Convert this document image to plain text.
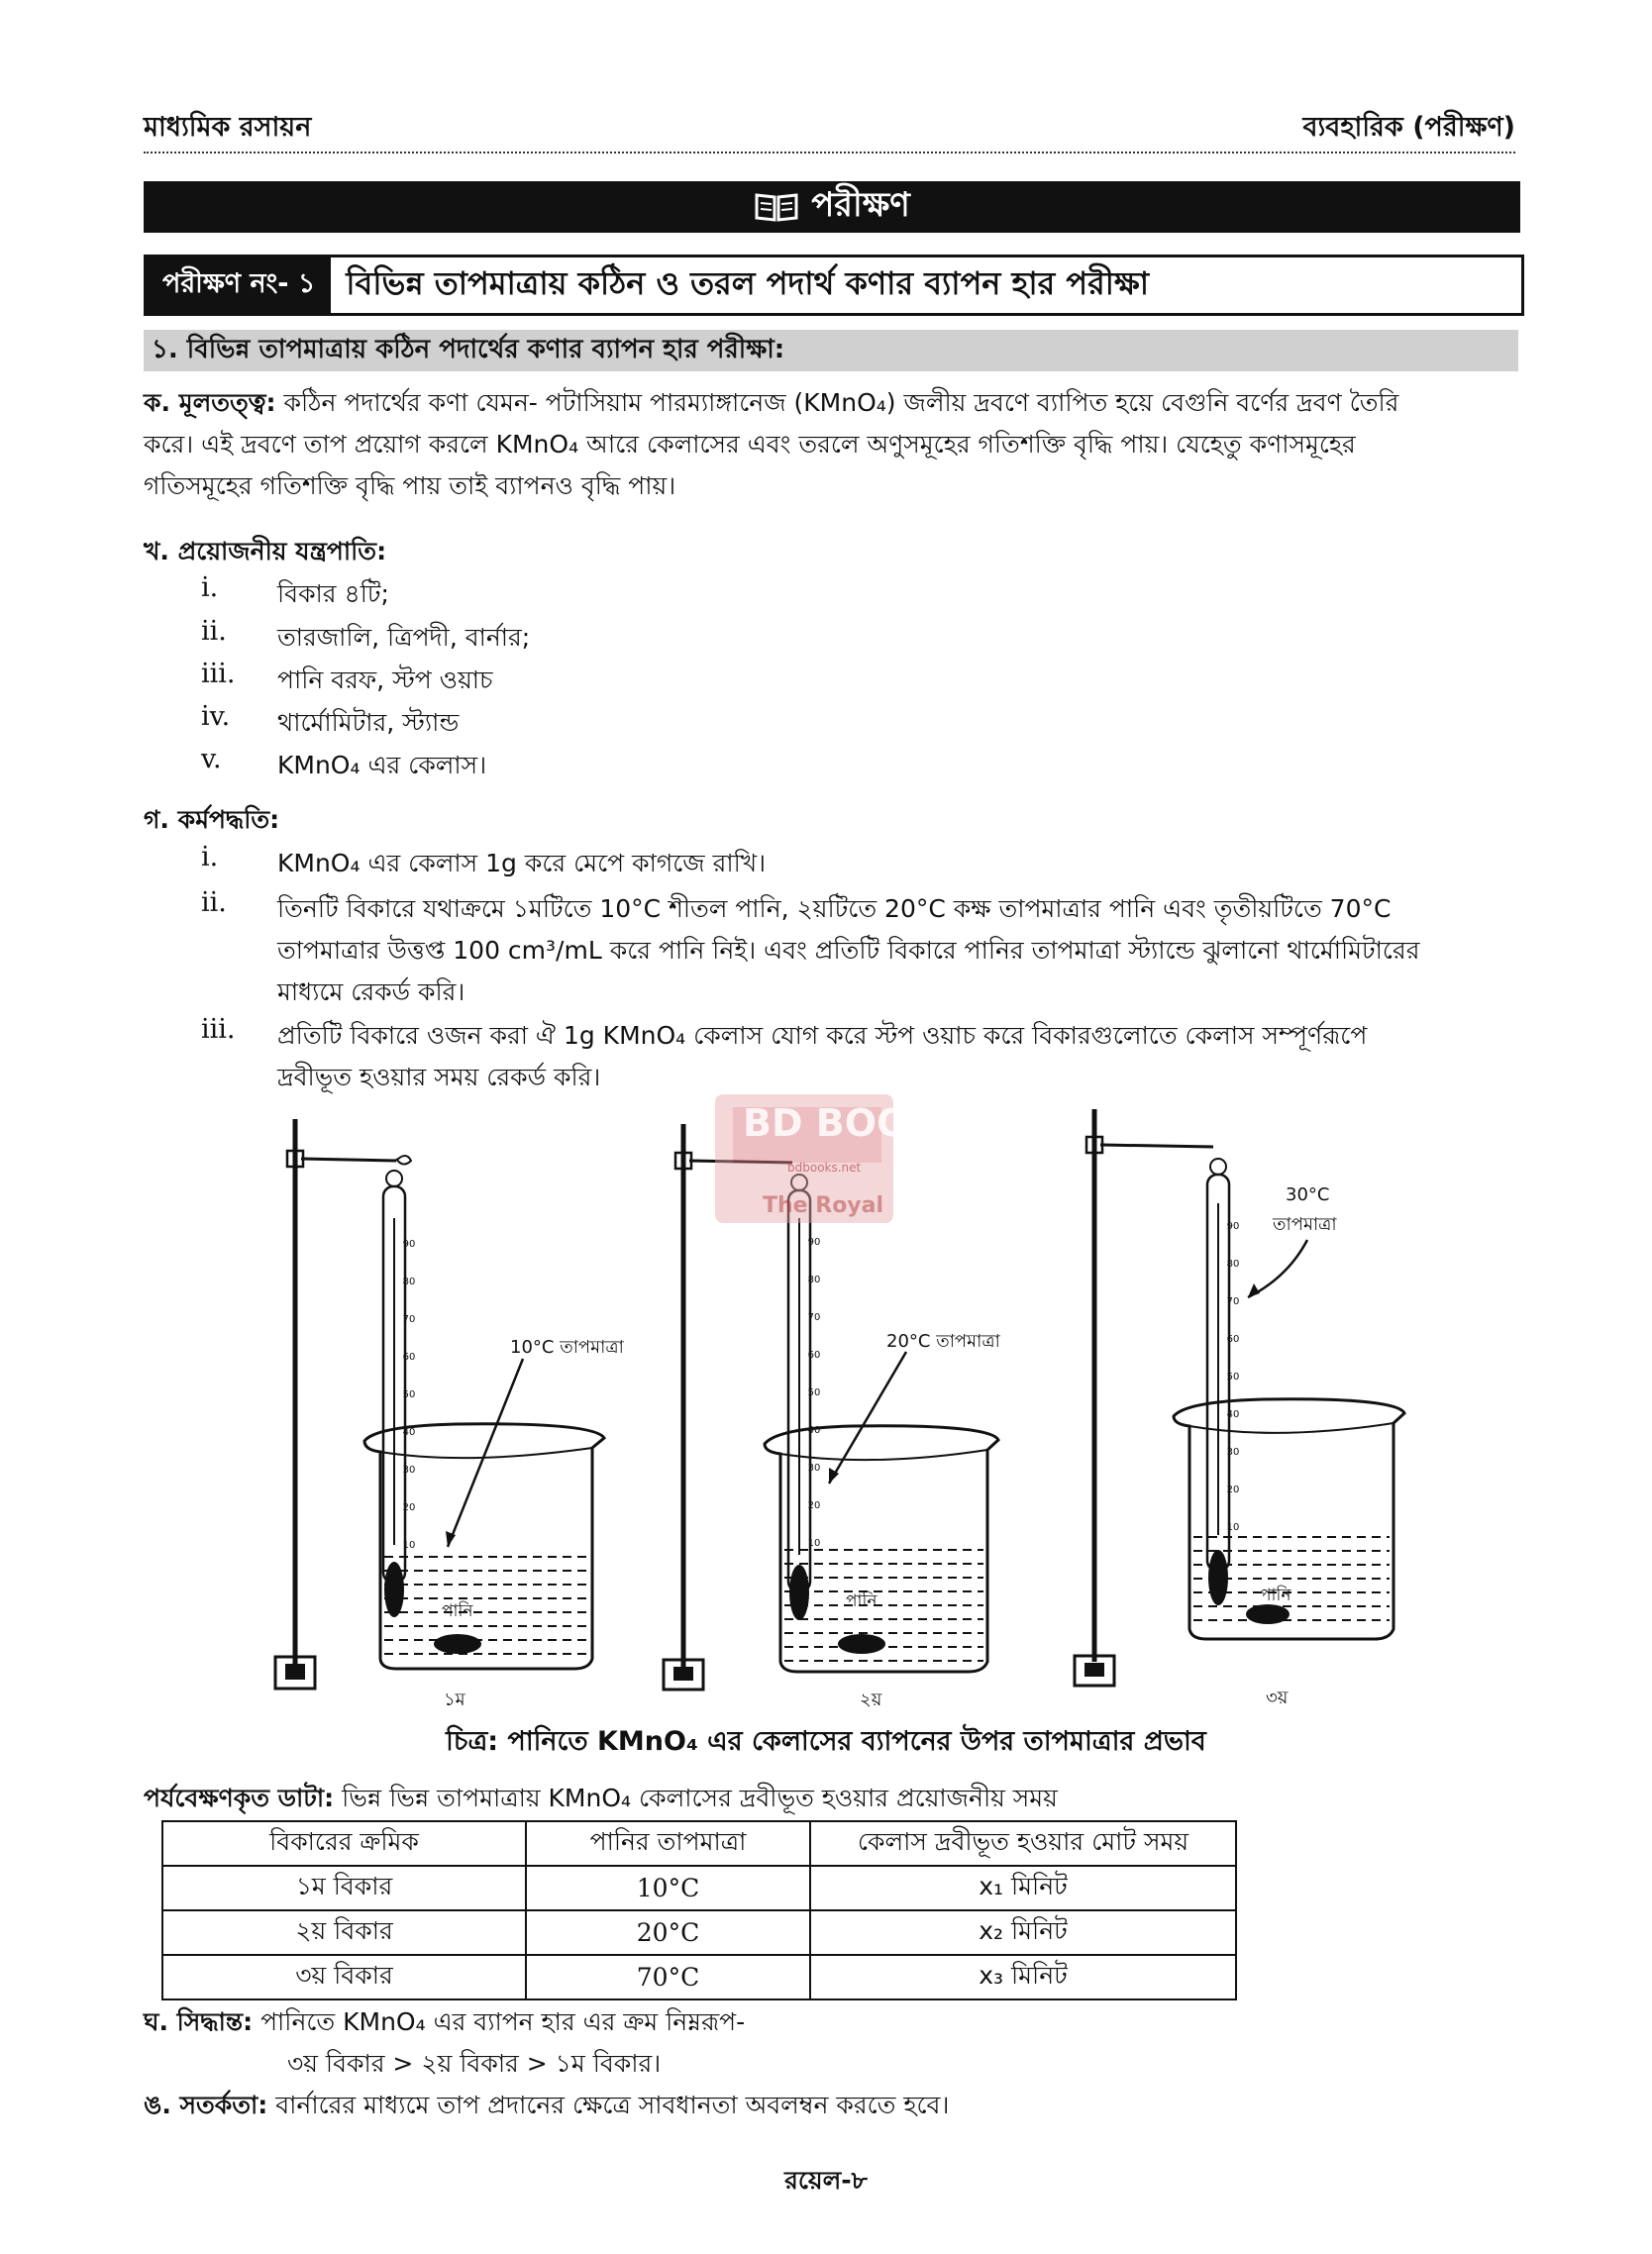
মাধ্যমিক রসায়ন	ব্যবহারিক (পরীক্ষণ)
পরীক্ষণ
পরীক্ষণ নং- ১ বিভিন্ন তাপমাত্রায় কঠিন ও তরল পদার্থ কণার ব্যাপন হার পরীক্ষা
১. বিভিন্ন তাপমাত্রায় কঠিন পদার্থের কণার ব্যাপন হার পরীক্ষা:
ক. মূলতত্ত্ব: কঠিন পদার্থের কণা যেমন- পটাসিয়াম পারম্যাঙ্গানেজ (KMnO₄) জলীয় দ্রবণে ব্যাপিত হয়ে বেগুনি বর্ণের দ্রবণ তৈরি
করে। এই দ্রবণে তাপ প্রয়োগ করলে KMnO₄ আরে কেলাসের এবং তরলে অণুসমূহের গতিশক্তি বৃদ্ধি পায়। যেহেতু কণাসমূহের
গতিসমূহের গতিশক্তি বৃদ্ধি পায় তাই ব্যাপনও বৃদ্ধি পায়।
খ. প্রয়োজনীয় যন্ত্রপাতি:
i. বিকার ৪টি;
ii. তারজালি, ত্রিপদী, বার্নার;
iii. পানি বরফ, স্টপ ওয়াচ
iv. থার্মোমিটার, স্ট্যান্ড
v. KMnO₄ এর কেলাস।
গ. কর্মপদ্ধতি:
i. KMnO₄ এর কেলাস 1g করে মেপে কাগজে রাখি।
ii. তিনটি বিকারে যথাক্রমে ১মটিতে 10°C শীতল পানি, ২য়টিতে 20°C কক্ষ তাপমাত্রার পানি এবং তৃতীয়টিতে 70°C
তাপমাত্রার উত্তপ্ত 100 cm³/mL করে পানি নিই। এবং প্রতিটি বিকারে পানির তাপমাত্রা স্ট্যান্ডে ঝুলানো থার্মোমিটারের
মাধ্যমে রেকর্ড করি।
iii. প্রতিটি বিকারে ওজন করা ঐ 1g KMnO₄ কেলাস যোগ করে স্টপ ওয়াচ করে বিকারগুলোতে কেলাস সম্পূর্ণরূপে
দ্রবীভূত হওয়ার সময় রেকর্ড করি।
10°C তাপমাত্রা	20°C তাপমাত্রা
30°C
তাপমাত্রা
পানি	পানি	পানি
১ম	২য়	৩য়
90
80
70
60
50
40
30
20
10
90
80
70
60
50
40
30
20
10
90
80
70
60
50
40
30
20
10
BD BOOKS
bdbooks.net
The Royal
চিত্র: পানিতে KMnO₄ এর কেলাসের ব্যাপনের উপর তাপমাত্রার প্রভাব
পর্যবেক্ষণকৃত ডাটা: ভিন্ন ভিন্ন তাপমাত্রায় KMnO₄ কেলাসের দ্রবীভূত হওয়ার প্রয়োজনীয় সময়
বিকারের ক্রমিক	পানির তাপমাত্রা	কেলাস দ্রবীভূত হওয়ার মোট সময়
১ম বিকার	10°C	x₁ মিনিট
২য় বিকার	20°C	x₂ মিনিট
৩য় বিকার	70°C	x₃ মিনিট
ঘ. সিদ্ধান্ত: পানিতে KMnO₄ এর ব্যাপন হার এর ক্রম নিম্নরূপ-
৩য় বিকার > ২য় বিকার > ১ম বিকার।
ঙ. সতর্কতা: বার্নারের মাধ্যমে তাপ প্রদানের ক্ষেত্রে সাবধানতা অবলম্বন করতে হবে।
রয়েল-৮
